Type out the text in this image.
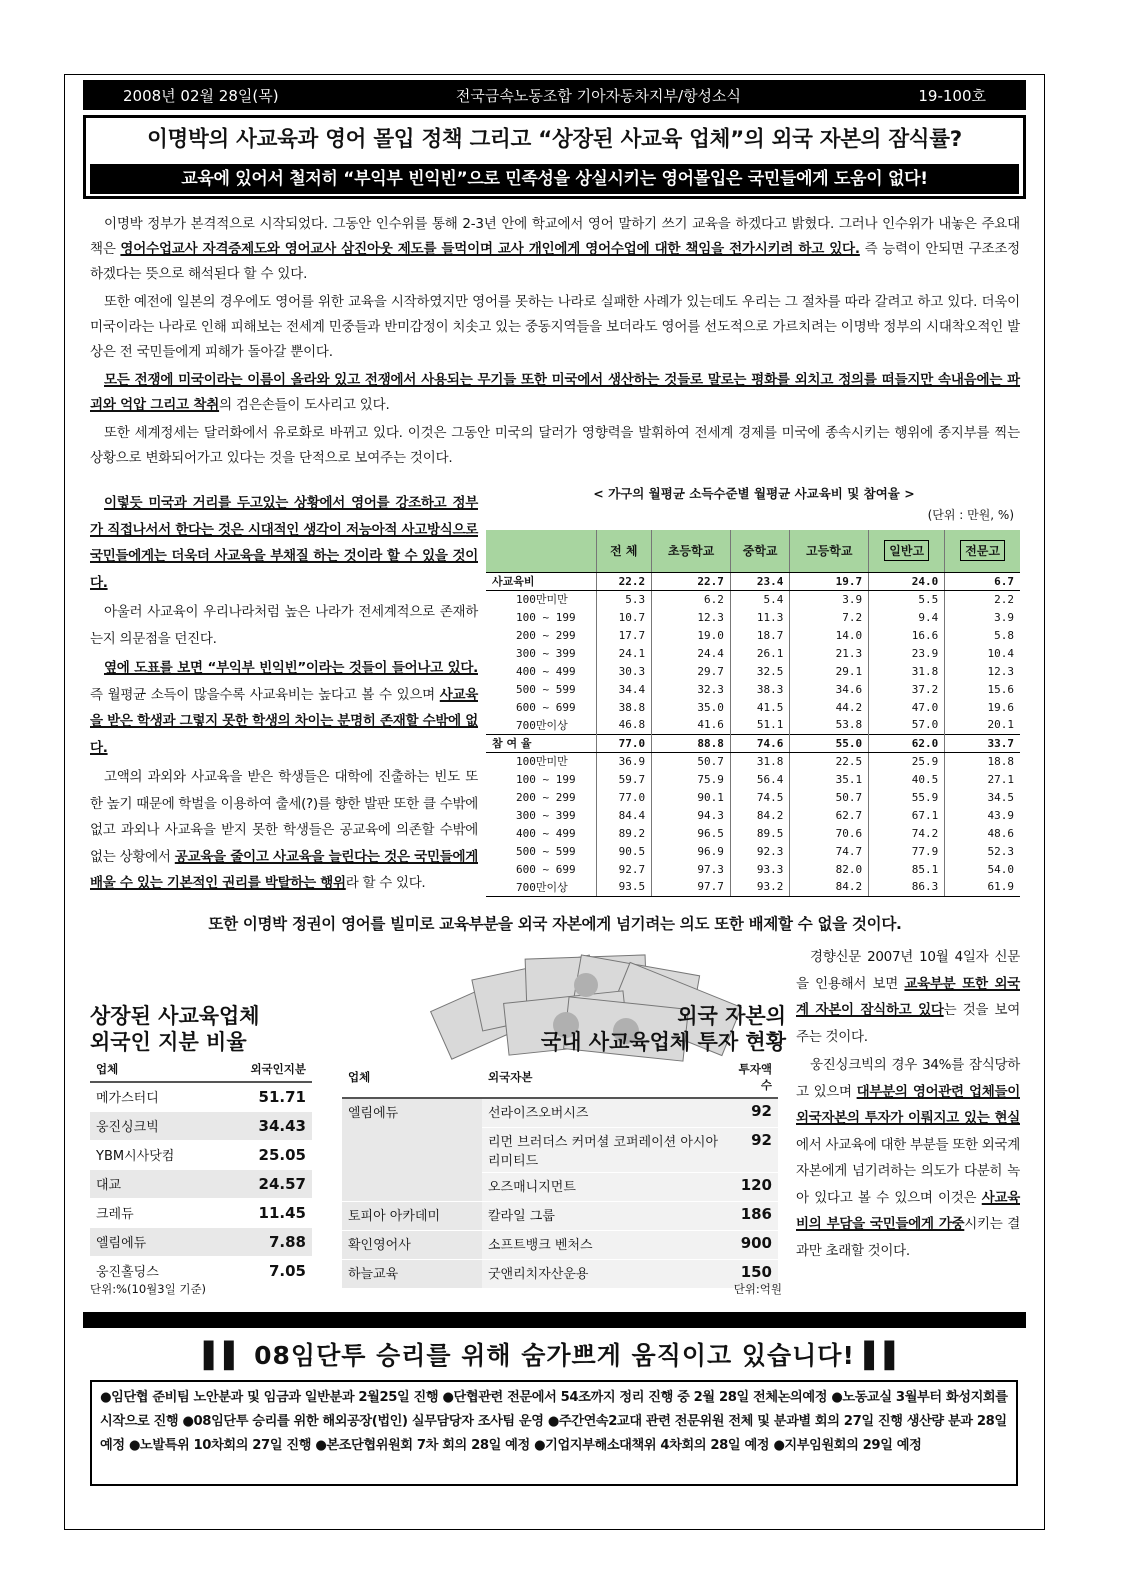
2008년 02월 28일(목)	전국금속노동조합 기아자동차지부/항성소식	19-100호
이명박의 사교육과 영어 몰입 정책 그리고 “상장된 사교육 업체”의 외국 자본의 잠식률?
교육에 있어서 철저히 “부익부 빈익빈”으로 민족성을 상실시키는 영어몰입은 국민들에게 도움이 없다!

이명박 정부가 본격적으로 시작되었다. 그동안 인수위를 통해 2-3년 안에 학교에서 영어 말하기 쓰기 교육을 하겠다고 밝혔다. 그러나 인수위가 내놓은 주요대책은 영어수업교사 자격증제도와 영어교사 삼진아웃 제도를 들먹이며 교사 개인에게 영어수업에 대한 책임을 전가시키려 하고 있다. 즉 능력이 안되면 구조조정 하겠다는 뜻으로 해석된다 할 수 있다.

또한 예전에 일본의 경우에도 영어를 위한 교육을 시작하였지만 영어를 못하는 나라로 실패한 사례가 있는데도 우리는 그 절차를 따라 갈려고 하고 있다. 더욱이 미국이라는 나라로 인해 피해보는 전세계 민중들과 반미감정이 치솟고 있는 중동지역들을 보더라도 영어를 선도적으로 가르치려는 이명박 정부의 시대착오적인 발상은 전 국민들에게 피해가 돌아갈 뿐이다.

모든 전쟁에 미국이라는 이름이 올라와 있고 전쟁에서 사용되는 무기들 또한 미국에서 생산하는 것들로 말로는 평화를 외치고 정의를 떠들지만 속내음에는 파괴와 억압 그리고 착취의 검은손들이 도사리고 있다.

또한 세계정세는 달러화에서 유로화로 바뀌고 있다. 이것은 그동안 미국의 달러가 영향력을 발휘하여 전세계 경제를 미국에 종속시키는 행위에 종지부를 찍는 상황으로 변화되어가고 있다는 것을 단적으로 보여주는 것이다.

이렇듯 미국과 거리를 두고있는 상황에서 영어를 강조하고 정부가 직접나서서 한다는 것은 시대적인 생각이 저능아적 사고방식으로 국민들에게는 더욱더 사교육을 부채질 하는 것이라 할 수 있을 것이다.

아울러 사교육이 우리나라처럼 높은 나라가 전세계적으로 존재하는지 의문점을 던진다.

옆에 도표를 보면 “부익부 빈익빈”이라는 것들이 들어나고 있다. 즉 월평균 소득이 많을수록 사교육비는 높다고 볼 수 있으며 사교육을 받은 학생과 그렇지 못한 학생의 차이는 분명히 존재할 수밖에 없다.

고액의 과외와 사교육을 받은 학생들은 대학에 진출하는 빈도 또한 높기 때문에 학벌을 이용하여 출세(?)를 향한 발판 또한 클 수밖에 없고 과외나 사교육을 받지 못한 학생들은 공교육에 의존할 수밖에 없는 상황에서 공교육을 줄이고 사교육을 늘린다는 것은 국민들에게 배울 수 있는 기본적인 권리를 박탈하는 행위라 할 수 있다.

< 가구의 월평균 소득수준별 월평균 사교육비 및 참여율 >
(단위 : 만원, %)
	전 체	초등학교	중학교	고등학교	일반고	전문고
사교육비	22.2	22.7	23.4	19.7	24.0	6.7
100만미만	5.3	6.2	5.4	3.9	5.5	2.2
100 ~ 199	10.7	12.3	11.3	7.2	9.4	3.9
200 ~ 299	17.7	19.0	18.7	14.0	16.6	5.8
300 ~ 399	24.1	24.4	26.1	21.3	23.9	10.4
400 ~ 499	30.3	29.7	32.5	29.1	31.8	12.3
500 ~ 599	34.4	32.3	38.3	34.6	37.2	15.6
600 ~ 699	38.8	35.0	41.5	44.2	47.0	19.6
700만이상	46.8	41.6	51.1	53.8	57.0	20.1
참 여 율	77.0	88.8	74.6	55.0	62.0	33.7
100만미만	36.9	50.7	31.8	22.5	25.9	18.8
100 ~ 199	59.7	75.9	56.4	35.1	40.5	27.1
200 ~ 299	77.0	90.1	74.5	50.7	55.9	34.5
300 ~ 399	84.4	94.3	84.2	62.7	67.1	43.9
400 ~ 499	89.2	96.5	89.5	70.6	74.2	48.6
500 ~ 599	90.5	96.9	92.3	74.7	77.9	52.3
600 ~ 699	92.7	97.3	93.3	82.0	85.1	54.0
700만이상	93.5	97.7	93.2	84.2	86.3	61.9
또한 이명박 정권이 영어를 빌미로 교육부분을 외국 자본에게 넘기려는 의도 또한 배제할 수 없을 것이다.
상장된 사교육업체
외국인 지분 비율
외국 자본의
국내 사교육업체 투자 현황
업체	외국인지분
메가스터디	51.71
웅진싱크빅	34.43
YBM시사닷컴	25.05
대교	24.57
크레듀	11.45
엘림에듀	7.88
웅진홀딩스	7.05
업체	외국자본	투자액수
엘림에듀	선라이즈오버시즈	92
	리먼 브러더스 커머셜 코퍼레이션 아시아 리미티드	92
	오즈매니지먼트	120
토피아 아카데미	칼라일 그룹	186
확인영어사	소프트뱅크 벤처스	900
하늘교육	굿앤리치자산운용	150
단위:%(10월3일 기준)	단위:억원

경향신문 2007년 10월 4일자 신문을 인용해서 보면 교육부분 또한 외국계 자본이 잠식하고 있다는 것을 보여주는 것이다.

웅진싱크빅의 경우 34%를 잠식당하고 있으며 대부분의 영어관련 업체들이 외국자본의 투자가 이뤄지고 있는 현실에서 사교육에 대한 부분들 또한 외국계 자본에게 넘기려하는 의도가 다분히 녹아 있다고 볼 수 있으며 이것은 사교육비의 부담을 국민들에게 가중시키는 결과만 초래할 것이다.

▌▌ 08임단투 승리를 위해 숨가쁘게 움직이고 있습니다! ▌▌
●임단협 준비팀 노안분과 및 임금과 일반분과 2월25일 진행 ●단협관련 전문에서 54조까지 정리 진행 중 2월 28일 전체논의예정 ●노동교실 3월부터 화성지회를 시작으로 진행 ●08임단투 승리를 위한 해외공장(법인) 실무담당자 조사팀 운영 ●주간연속2교대 관련 전문위원 전체 및 분과별 회의 27일 진행 생산량 분과 28일 예정 ●노발특위 10차회의 27일 진행 ●본조단협위원회 7차 회의 28일 예정 ●기업지부해소대책위 4차회의 28일 예정 ●지부임원회의 29일 예정
